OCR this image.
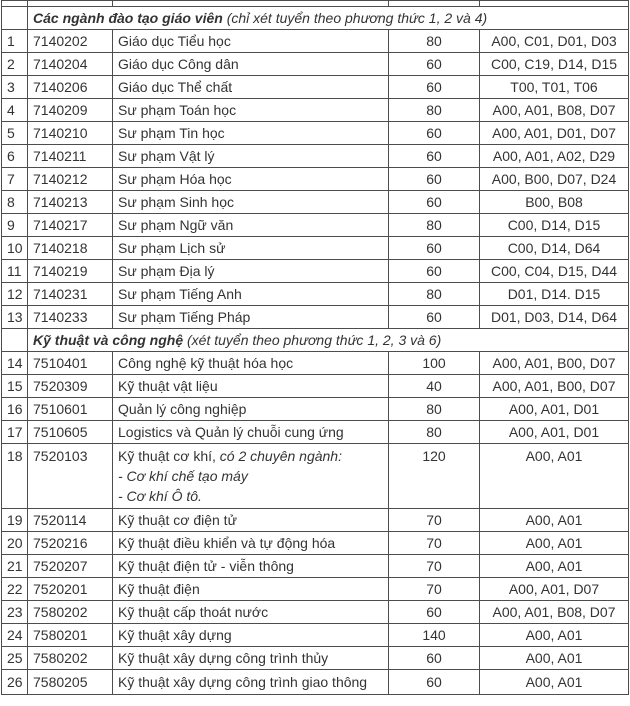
	Các ngành đào tạo giáo viên (chỉ xét tuyển theo phương thức 1, 2 và 4)			
1	7140202	Giáo dục Tiểu học	80	A00, C01, D01, D03
2	7140204	Giáo dục Công dân	60	C00, C19, D14, D15
3	7140206	Giáo dục Thể chất	60	T00, T01, T06
4	7140209	Sư phạm Toán học	80	A00, A01, B08, D07
5	7140210	Sư phạm Tin học	60	A00, A01, D01, D07
6	7140211	Sư phạm Vật lý	60	A00, A01, A02, D29
7	7140212	Sư phạm Hóa học	60	A00, B00, D07, D24
8	7140213	Sư phạm Sinh học	60	B00, B08
9	7140217	Sư phạm Ngữ văn	80	C00, D14, D15
10	7140218	Sư phạm Lịch sử	60	C00, D14, D64
11	7140219	Sư phạm Địa lý	60	C00, C04, D15, D44
12	7140231	Sư phạm Tiếng Anh	80	D01, D14. D15
13	7140233	Sư phạm Tiếng Pháp	60	D01, D03, D14, D64
	Kỹ thuật và công nghệ (xét tuyển theo phương thức 1, 2, 3 và 6)			
14	7510401	Công nghệ kỹ thuật hóa học	100	A00, A01, B00, D07
15	7520309	Kỹ thuật vật liệu	40	A00, A01, B00, D07
16	7510601	Quản lý công nghiệp	80	A00, A01, D01
17	7510605	Logistics và Quản lý chuỗi cung ứng	80	A00, A01, D01
18	7520103	Kỹ thuật cơ khí, có 2 chuyên ngành:
- Cơ khí chế tạo máy
- Cơ khí Ô tô.	120	A00, A01
19	7520114	Kỹ thuật cơ điện tử	70	A00, A01
20	7520216	Kỹ thuật điều khiển và tự động hóa	70	A00, A01
21	7520207	Kỹ thuật điện tử - viễn thông	70	A00, A01
22	7520201	Kỹ thuật điện	70	A00, A01, D07
23	7580202	Kỹ thuật cấp thoát nước	60	A00, A01, B08, D07
24	7580201	Kỹ thuật xây dựng	140	A00, A01
25	7580202	Kỹ thuật xây dựng công trình thủy	60	A00, A01
26	7580205	Kỹ thuật xây dựng công trình giao thông	60	A00, A01
